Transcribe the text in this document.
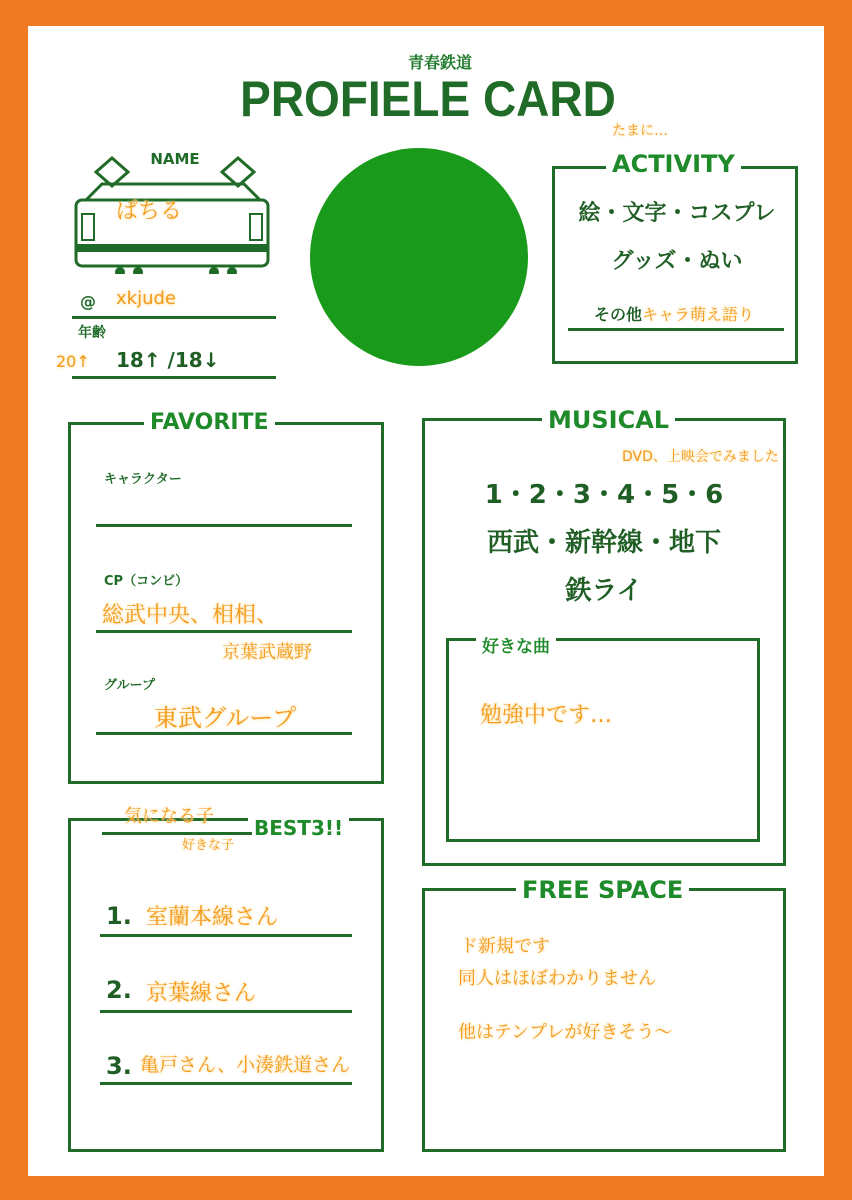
青春鉄道
PROFIELE CARD
NAME
ぱちる
@ xkjude
年齢
20↑ 18↑ /18↓
ACTIVITY
たまに…
絵・文字・コスプレ
グッズ・ぬい
その他 キャラ萌え語り
FAVORITE
キャラクター
CP（コンビ）
総武中央、相相、
京葉武蔵野
グループ
東武グループ
MUSICAL
DVD、上映会でみました
1・2・3・4・5・6
西武・新幹線・地下
鉄ライ
好きな曲
勉強中です…
BEST3!!
気になる子
好きな子
1. 室蘭本線さん
2. 京葉線さん
3. 亀戸さん、小湊鉄道さん
FREE SPACE
ド新規です
同人はほぼわかりません
他はテンプレが好きそう～
